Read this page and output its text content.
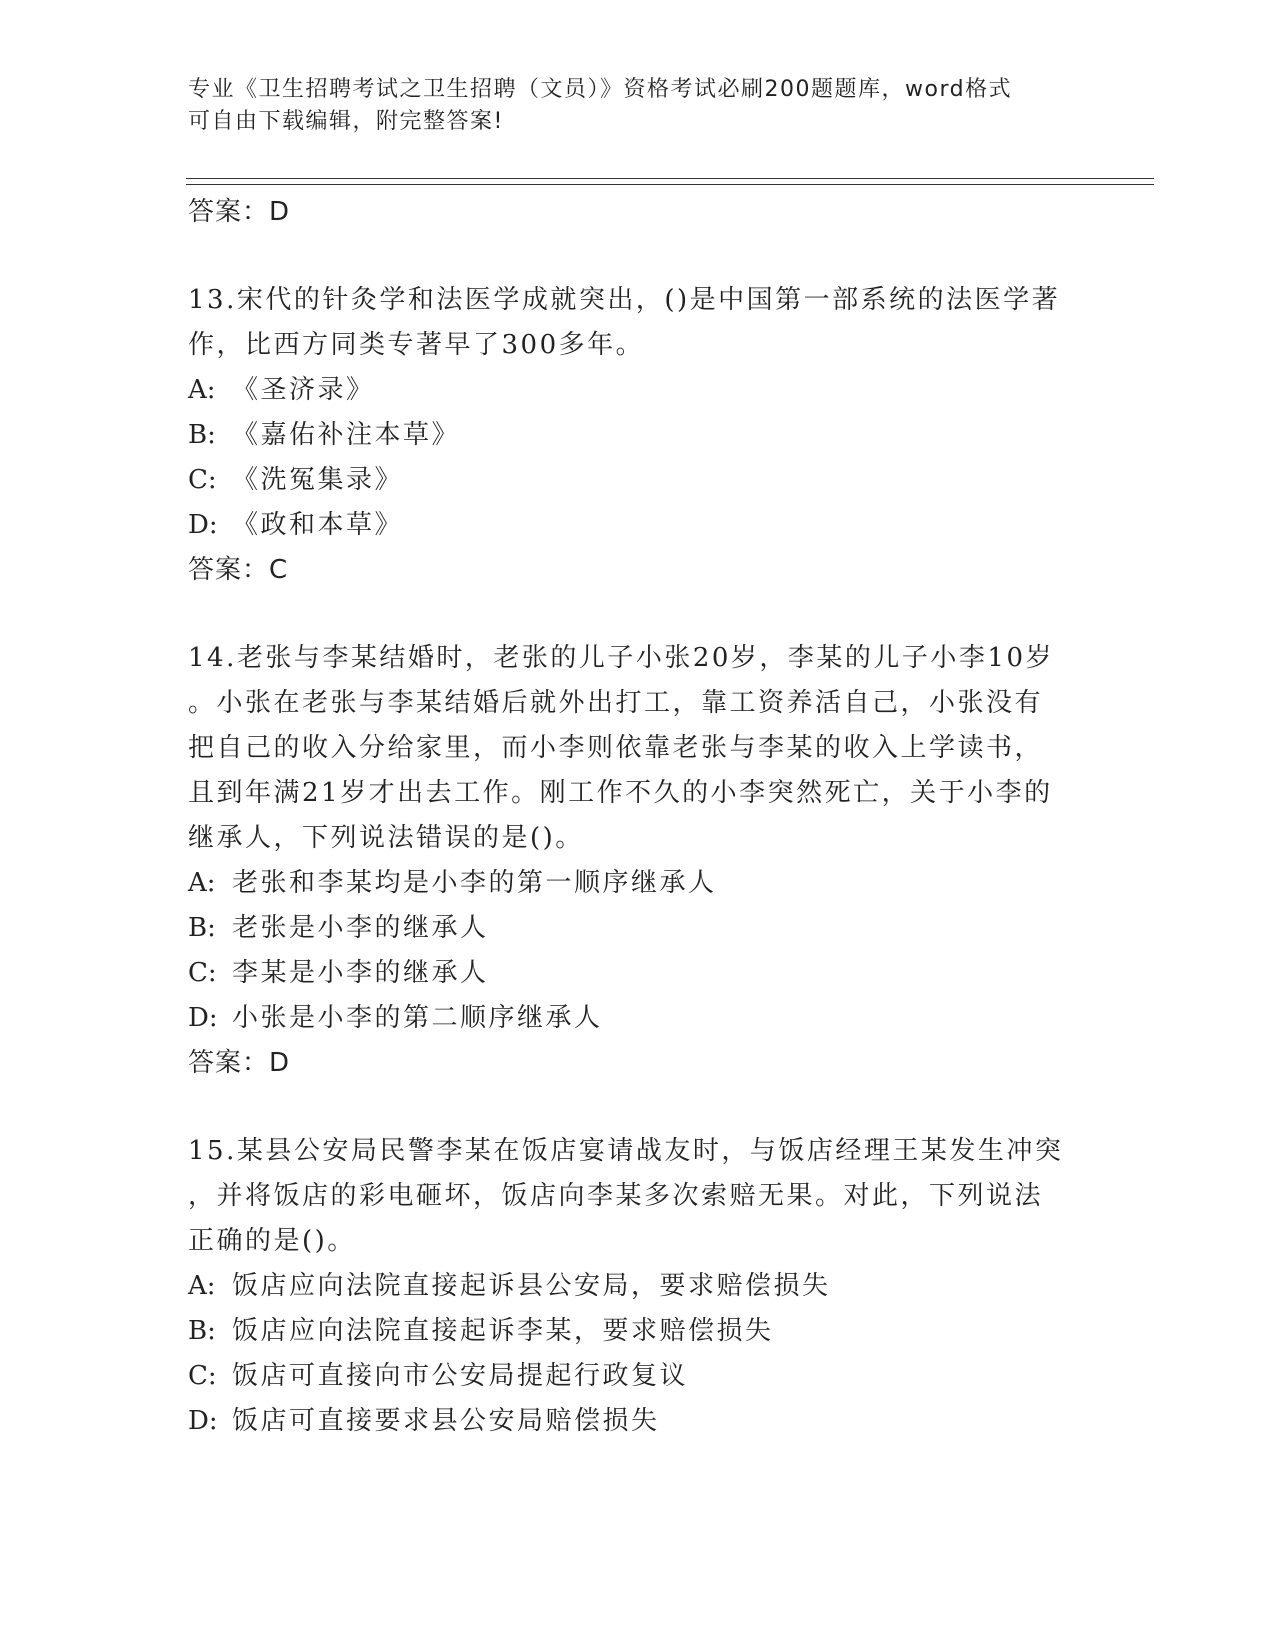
专业《卫生招聘考试之卫生招聘（文员）》资格考试必刷200题题库，word格式
可自由下载编辑，附完整答案!
答案：D
13.宋代的针灸学和法医学成就突出，()是中国第一部系统的法医学著
作，比西方同类专著早了300多年。
A: 《圣济录》
B: 《嘉佑补注本草》
C: 《洗冤集录》
D: 《政和本草》
答案：C
14.老张与李某结婚时，老张的儿子小张20岁，李某的儿子小李10岁
。小张在老张与李某结婚后就外出打工，靠工资养活自己，小张没有
把自己的收入分给家里，而小李则依靠老张与李某的收入上学读书，
且到年满21岁才出去工作。刚工作不久的小李突然死亡，关于小李的
继承人，下列说法错误的是()。
A: 老张和李某均是小李的第一顺序继承人
B: 老张是小李的继承人
C: 李某是小李的继承人
D: 小张是小李的第二顺序继承人
答案：D
15.某县公安局民警李某在饭店宴请战友时，与饭店经理王某发生冲突
，并将饭店的彩电砸坏，饭店向李某多次索赔无果。对此，下列说法
正确的是()。
A: 饭店应向法院直接起诉县公安局，要求赔偿损失
B: 饭店应向法院直接起诉李某，要求赔偿损失
C: 饭店可直接向市公安局提起行政复议
D: 饭店可直接要求县公安局赔偿损失
